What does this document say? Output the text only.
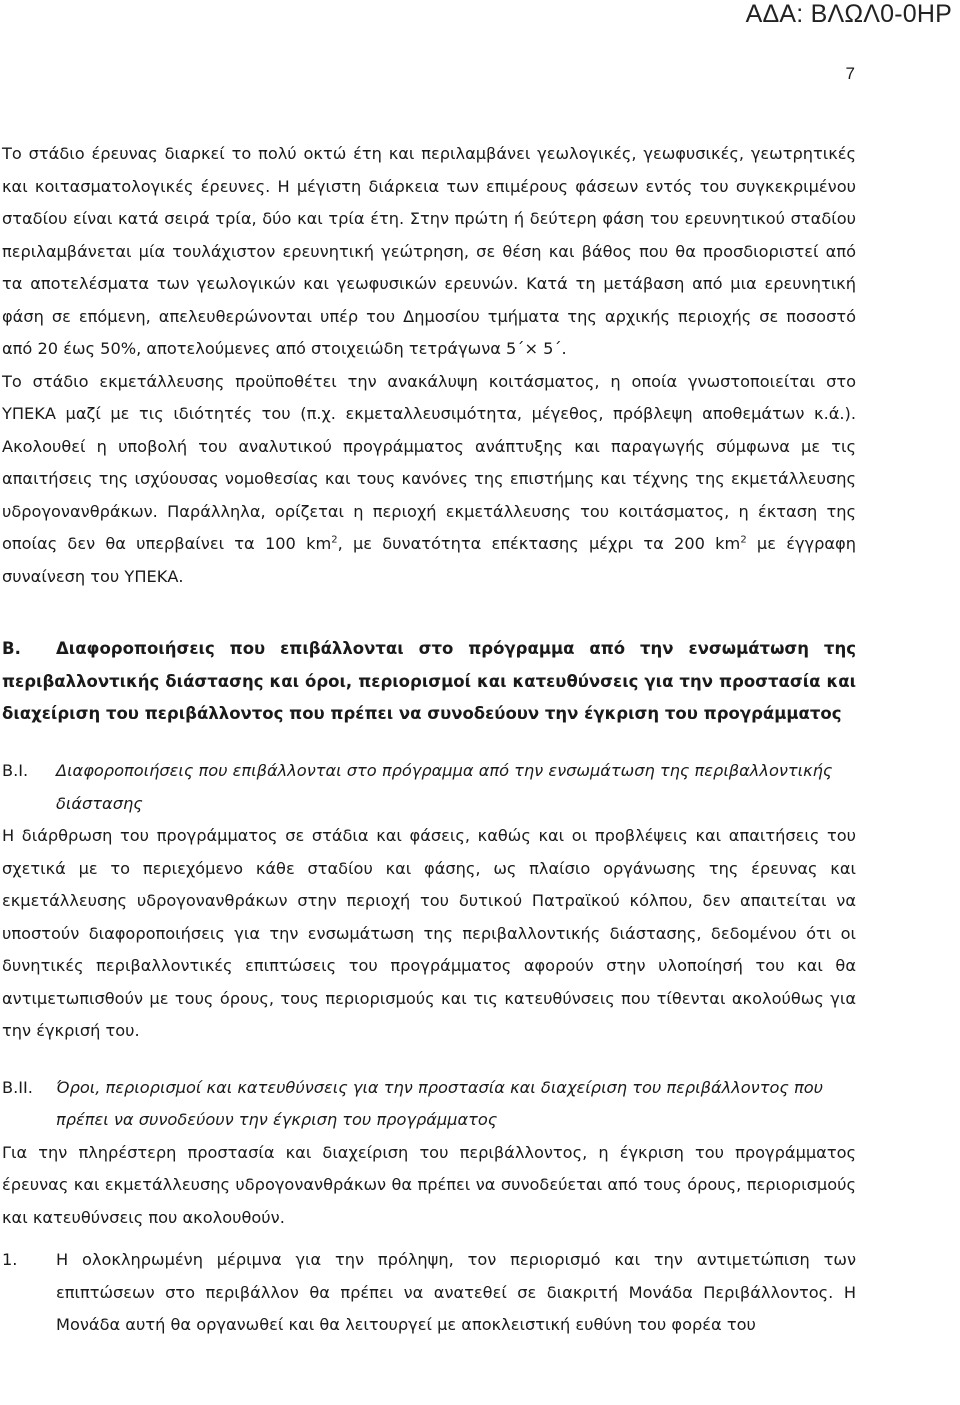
ΑΔΑ: ΒΛΩΛ0-0ΗΡ
7

Το στάδιο έρευνας διαρκεί το πολύ οκτώ έτη και περιλαμβάνει γεωλογικές, γεωφυσικές, γεωτρητικές και κοιτασματολογικές έρευνες. Η μέγιστη διάρκεια των επιμέρους φάσεων εντός του συγκεκριμένου σταδίου είναι κατά σειρά τρία, δύο και τρία έτη. Στην πρώτη ή δεύτερη φάση του ερευνητικού σταδίου περιλαμβάνεται μία τουλάχιστον ερευνητική γεώτρηση, σε θέση και βάθος που θα προσδιοριστεί από τα αποτελέσματα των γεωλογικών και γεωφυσικών ερευνών. Κατά τη μετάβαση από μια ερευνητική φάση σε επόμενη, απελευθερώνονται υπέρ του Δημοσίου τμήματα της αρχικής περιοχής σε ποσοστό από 20 έως 50%, αποτελούμενες από στοιχειώδη τετράγωνα 5΄× 5΄.

Το στάδιο εκμετάλλευσης προϋποθέτει την ανακάλυψη κοιτάσματος, η οποία γνωστοποιείται στο ΥΠΕΚΑ μαζί με τις ιδιότητές του (π.χ. εκμεταλλευσιμότητα, μέγεθος, πρόβλεψη αποθεμάτων κ.ά.). Ακολουθεί η υποβολή του αναλυτικού προγράμματος ανάπτυξης και παραγωγής σύμφωνα με τις απαιτήσεις της ισχύουσας νομοθεσίας και τους κανόνες της επιστήμης και τέχνης της εκμετάλλευσης υδρογονανθράκων. Παράλληλα, ορίζεται η περιοχή εκμετάλλευσης του κοιτάσματος, η έκταση της οποίας δεν θα υπερβαίνει τα 100 $km^2$, με δυνατότητα επέκτασης μέχρι τα 200 $km^2$ με έγγραφη συναίνεση του ΥΠΕΚΑ.

Β. Διαφοροποιήσεις που επιβάλλονται στο πρόγραμμα από την ενσωμάτωση της περιβαλλοντικής διάστασης και όροι, περιορισμοί και κατευθύνσεις για την προστασία και διαχείριση του περιβάλλοντος που πρέπει να συνοδεύουν την έγκριση του προγράμματος
Β.Ι.	Διαφοροποιήσεις που επιβάλλονται στο πρόγραμμα από την ενσωμάτωση της περιβαλλοντικής διάστασης

Η διάρθρωση του προγράμματος σε στάδια και φάσεις, καθώς και οι προβλέψεις και απαιτήσεις του σχετικά με το περιεχόμενο κάθε σταδίου και φάσης, ως πλαίσιο οργάνωσης της έρευνας και εκμετάλλευσης υδρογονανθράκων στην περιοχή του δυτικού Πατραϊκού κόλπου, δεν απαιτείται να υποστούν διαφοροποιήσεις για την ενσωμάτωση της περιβαλλοντικής διάστασης, δεδομένου ότι οι δυνητικές περιβαλλοντικές επιπτώσεις του προγράμματος αφορούν στην υλοποίησή του και θα αντιμετωπισθούν με τους όρους, τους περιορισμούς και τις κατευθύνσεις που τίθενται ακολούθως για την έγκρισή του.

Β.ΙΙ.	Όροι, περιορισμοί και κατευθύνσεις για την προστασία και διαχείριση του περιβάλλοντος που πρέπει να συνοδεύουν την έγκριση του προγράμματος

Για την πληρέστερη προστασία και διαχείριση του περιβάλλοντος, η έγκριση του προγράμματος έρευνας και εκμετάλλευσης υδρογονανθράκων θα πρέπει να συνοδεύεται από τους όρους, περιορισμούς και κατευθύνσεις που ακολουθούν.

1.	Η ολοκληρωμένη μέριμνα για την πρόληψη, τον περιορισμό και την αντιμετώπιση των επιπτώσεων στο περιβάλλον θα πρέπει να ανατεθεί σε διακριτή Μονάδα Περιβάλλοντος. Η Μονάδα αυτή θα οργανωθεί και θα λειτουργεί με αποκλειστική ευθύνη του φορέα του
